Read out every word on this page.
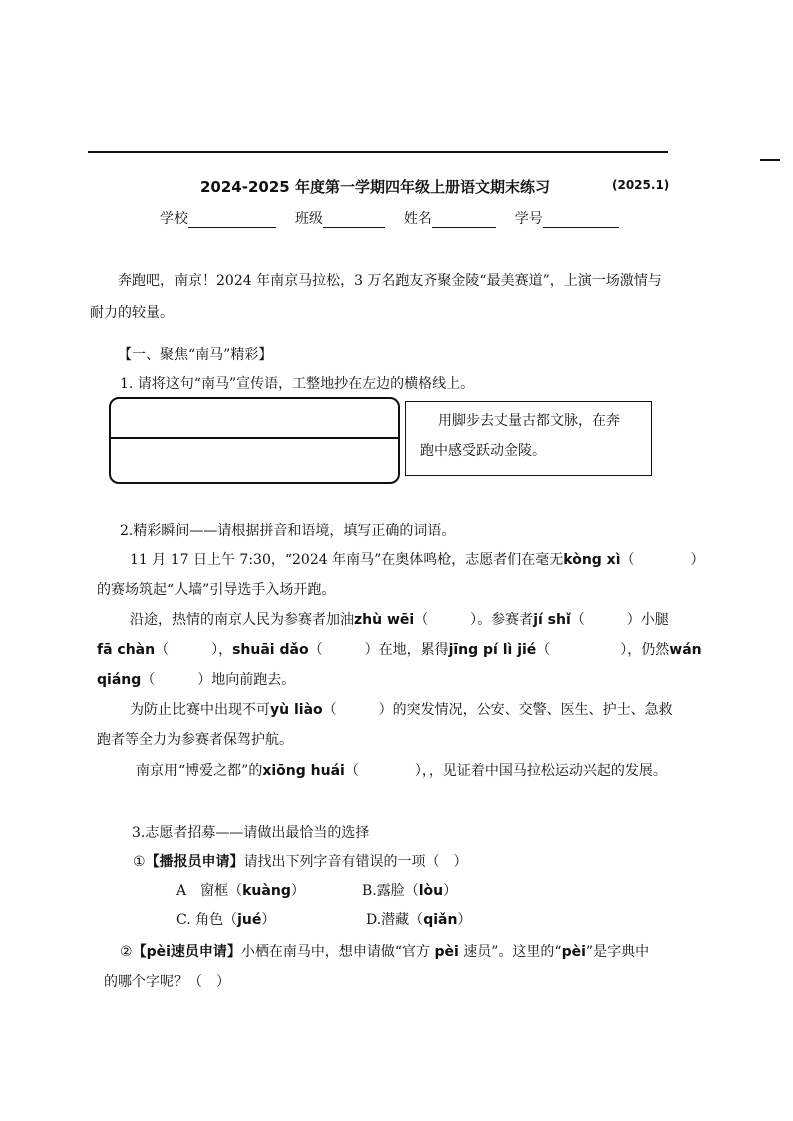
2024-2025 年度第一学期四年级上册语文期末练习	(2025.1)
学校	班级	姓名	学号
奔跑吧，南京！2024 年南京马拉松，3 万名跑友齐聚金陵“最美赛道”，上演一场激情与
耐力的较量。
【一、聚焦“南马”精彩】
1. 请将这句“南马”宣传语，工整地抄在左边的横格线上。
用脚步去丈量古都文脉，在奔
跑中感受跃动金陵。
2.精彩瞬间——请根据拼音和语境，填写正确的词语。
11 月 17 日上午 7:30，“2024 年南马”在奥体鸣枪，志愿者们在毫无kòng xì（　　　　）
的赛场筑起“人墙”引导选手入场开跑。
沿途，热情的南京人民为参赛者加油zhù wēi（　　　）。参赛者jí shǐ（　　　）小腿
fā chàn（　　　），shuāi dǎo（　　　）在地，累得jīng pí lì jié（　　　　　），仍然wán
qiáng（　　　）地向前跑去。
为防止比赛中出现不可yù liào（　　　）的突发情况，公安、交警、医生、护士、急救
跑者等全力为参赛者保驾护航。
南京用“博爱之都”的xiōng huái（　　　　），，见证着中国马拉松运动兴起的发展。
3.志愿者招募——请做出最恰当的选择
①【播报员申请】请找出下列字音有错误的一项（　）
A　窗框（kuàng）	B.露脸（lòu）
C. 角色（jué）	D.潜藏（qiǎn）
②【pèi速员申请】小栖在南马中，想申请做“官方 pèi 速员”。这里的“pèi”是字典中
的哪个字呢？（　）
